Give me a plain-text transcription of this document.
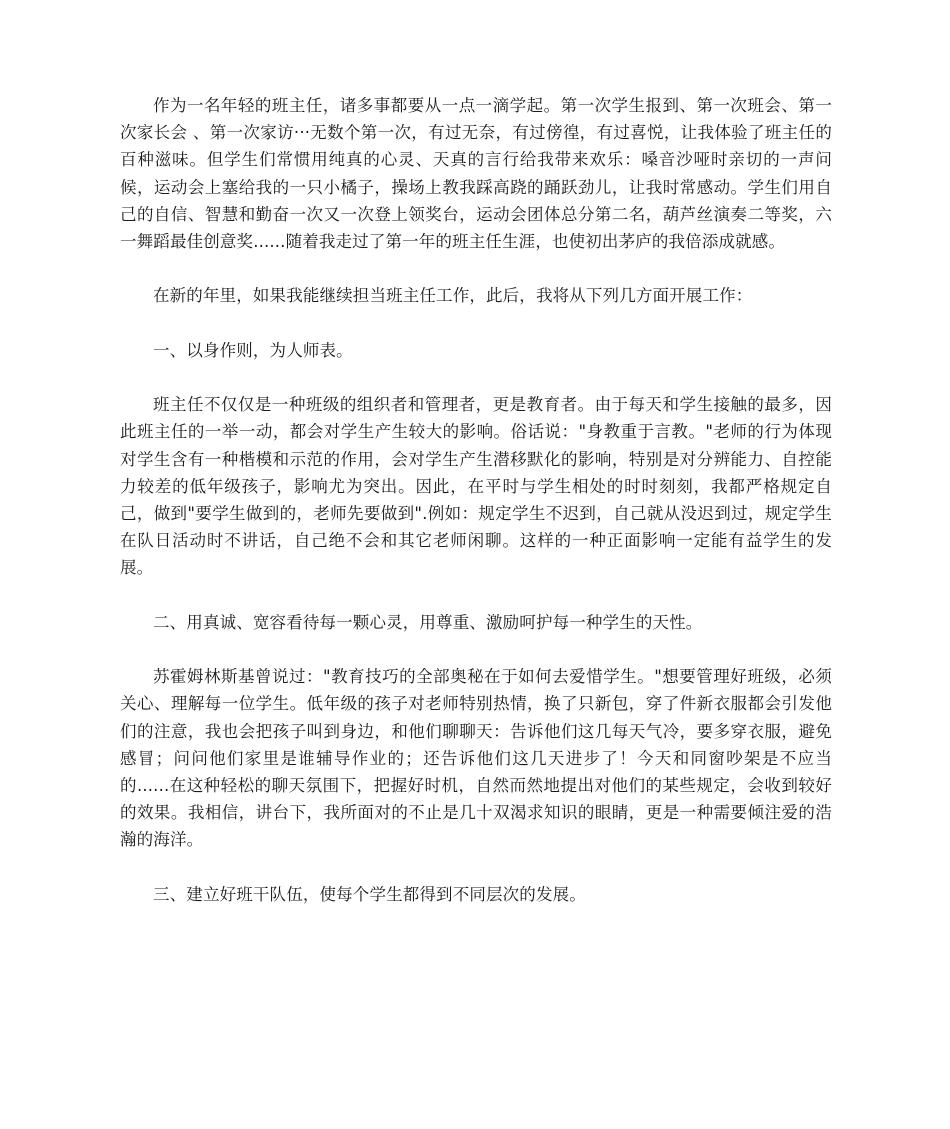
作为一名年轻的班主任，诸多事都要从一点一滴学起。第一次学生报到、第一次班会、第一次家长会 、第一次家访···无数个第一次，有过无奈，有过傍徨，有过喜悦，让我体验了班主任的百种滋味。但学生们常惯用纯真的心灵、天真的言行给我带来欢乐：嗓音沙哑时亲切的一声问候，运动会上塞给我的一只小橘子，操场上教我踩高跷的踊跃劲儿，让我时常感动。学生们用自己的自信、智慧和勤奋一次又一次登上领奖台，运动会团体总分第二名，葫芦丝演奏二等奖，六一舞蹈最佳创意奖......随着我走过了第一年的班主任生涯，也使初出茅庐的我倍添成就感。

在新的年里，如果我能继续担当班主任工作，此后，我将从下列几方面开展工作：

一、以身作则，为人师表。

班主任不仅仅是一种班级的组织者和管理者，更是教育者。由于每天和学生接触的最多，因此班主任的一举一动，都会对学生产生较大的影响。俗话说："身教重于言教。"老师的行为体现对学生含有一种楷模和示范的作用，会对学生产生潜移默化的影响，特别是对分辨能力、自控能力较差的低年级孩子，影响尤为突出。因此，在平时与学生相处的时时刻刻，我都严格规定自己，做到"要学生做到的，老师先要做到".例如：规定学生不迟到，自己就从没迟到过，规定学生在队日活动时不讲话，自己绝不会和其它老师闲聊。这样的一种正面影响一定能有益学生的发展。

二、用真诚、宽容看待每一颗心灵，用尊重、激励呵护每一种学生的天性。

苏霍姆林斯基曾说过："教育技巧的全部奥秘在于如何去爱惜学生。"想要管理好班级，必须关心、理解每一位学生。低年级的孩子对老师特别热情，换了只新包，穿了件新衣服都会引发他们的注意，我也会把孩子叫到身边，和他们聊聊天：告诉他们这几每天气冷，要多穿衣服，避免感冒；问问他们家里是谁辅导作业的；还告诉他们这几天进步了！今天和同窗吵架是不应当的......在这种轻松的聊天氛围下，把握好时机，自然而然地提出对他们的某些规定，会收到较好的效果。我相信，讲台下，我所面对的不止是几十双渴求知识的眼睛，更是一种需要倾注爱的浩瀚的海洋。

三、建立好班干队伍，使每个学生都得到不同层次的发展。
